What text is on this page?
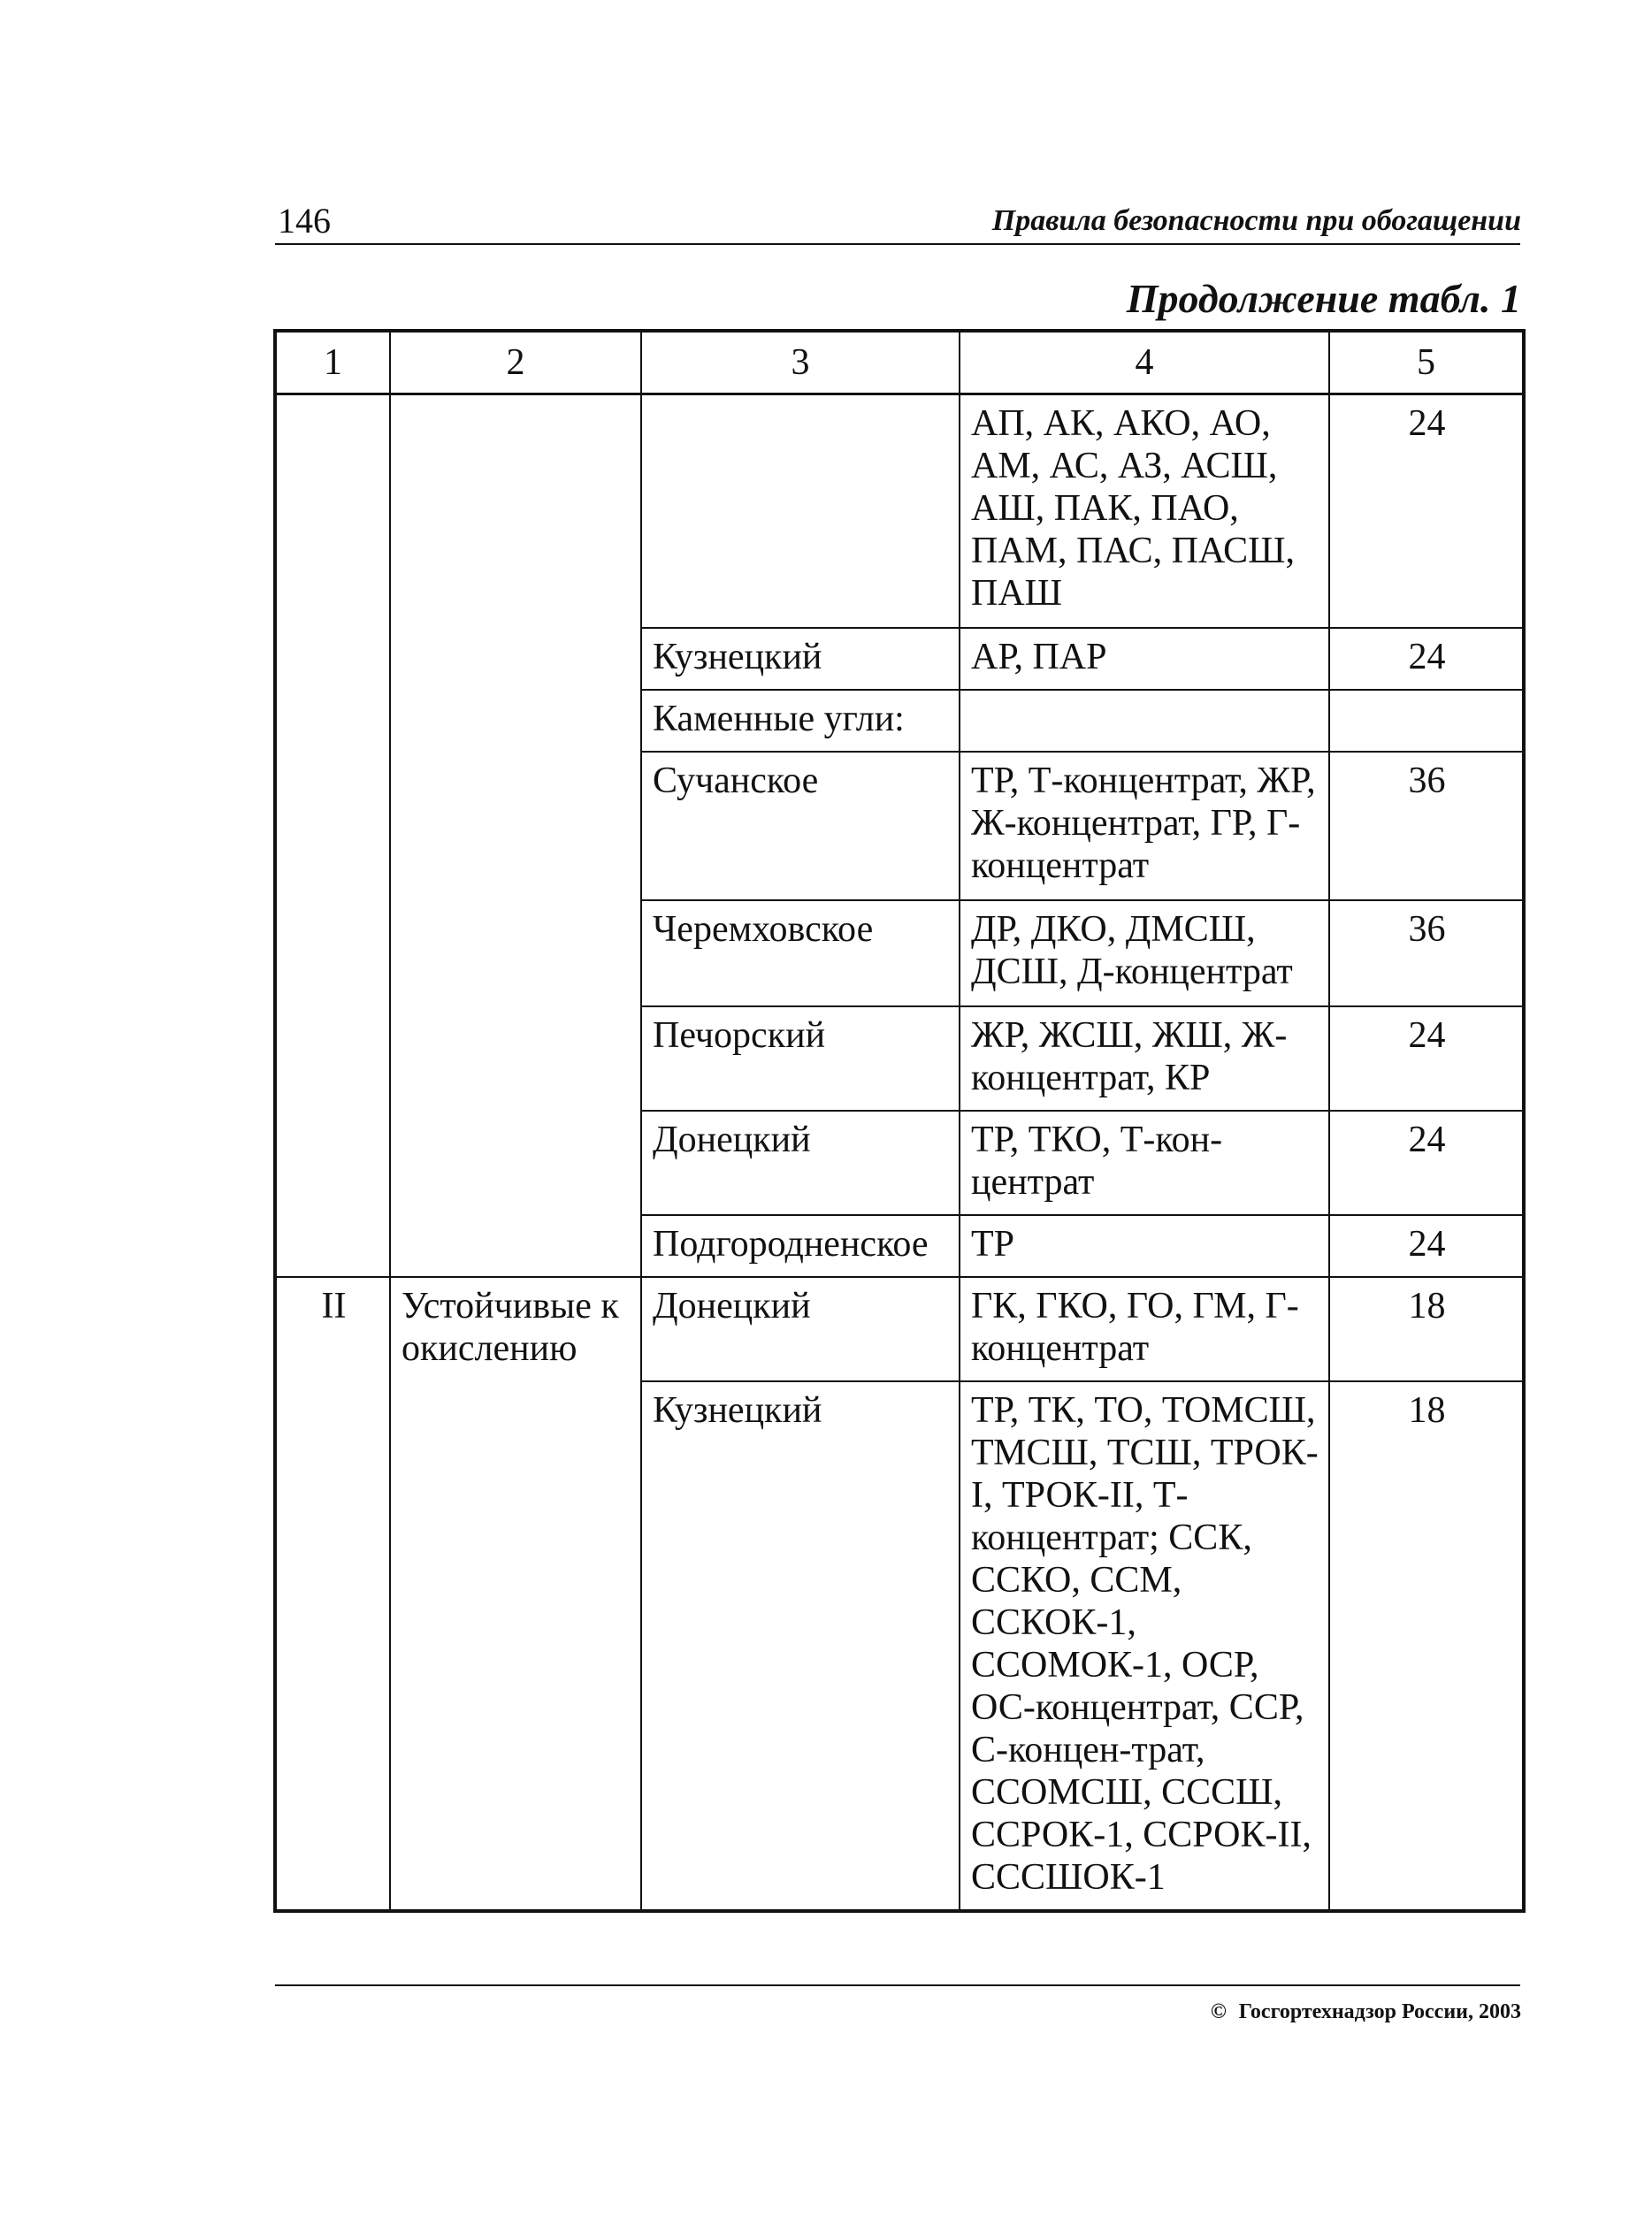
146	Правила безопасности при обогащении
Продолжение табл. 1
1	2	3	4	5
			АП, АК, АКО, АО, АМ, АС, АЗ, АСШ, АШ, ПАК, ПАО, ПАМ, ПАС, ПАСШ, ПАШ	24
		Кузнецкий	АР, ПАР	24
		Каменные угли:		
		Сучанское	ТР, Т-концентрат, ЖР, Ж-концентрат, ГР, Г-концентрат	36
		Черемховское	ДР, ДКО, ДМСШ, ДСШ, Д-концентрат	36
		Печорский	ЖР, ЖСШ, ЖШ, Ж-концентрат, КР	24
		Донецкий	ТР, ТКО, Т-кон-центрат	24
		Подгородненское	ТР	24
II	Устойчивые к окислению	Донецкий	ГК, ГКО, ГО, ГМ, Г-концентрат	18
		Кузнецкий	ТР, ТК, ТО, ТОМСШ, ТМСШ, ТСШ, ТРОК-I, ТРОК-II, Т-концентрат; ССК, ССКО, ССМ, ССКОК-1, ССОМОК-1, ОСР, ОС-концентрат, ССР, С-концен-трат, ССОМСШ, СССШ, ССРОК-1, ССРОК-II, СССШОК-1	18
© Госгортехнадзор России, 2003
